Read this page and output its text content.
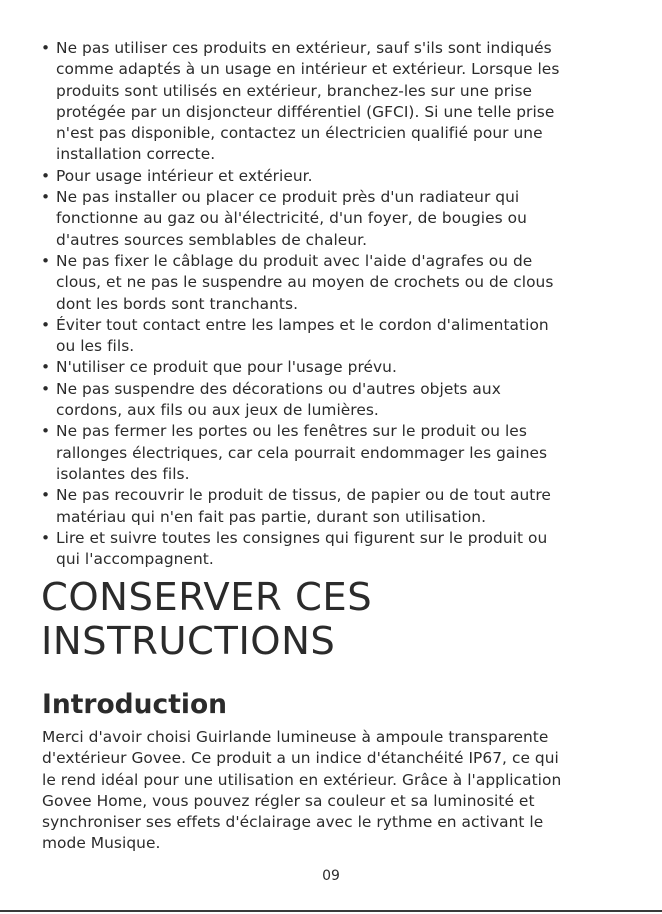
• Ne pas utiliser ces produits en extérieur, sauf s'ils sont indiqués
comme adaptés à un usage en intérieur et extérieur. Lorsque les
produits sont utilisés en extérieur, branchez-les sur une prise
protégée par un disjoncteur différentiel (GFCI). Si une telle prise
n'est pas disponible, contactez un électricien qualifié pour une
installation correcte.
• Pour usage intérieur et extérieur.
• Ne pas installer ou placer ce produit près d'un radiateur qui
fonctionne au gaz ou àl'électricité, d'un foyer, de bougies ou
d'autres sources semblables de chaleur.
• Ne pas fixer le câblage du produit avec l'aide d'agrafes ou de
clous, et ne pas le suspendre au moyen de crochets ou de clous
dont les bords sont tranchants.
• Éviter tout contact entre les lampes et le cordon d'alimentation
ou les fils.
• N'utiliser ce produit que pour l'usage prévu.
• Ne pas suspendre des décorations ou d'autres objets aux
cordons, aux fils ou aux jeux de lumières.
• Ne pas fermer les portes ou les fenêtres sur le produit ou les
rallonges électriques, car cela pourrait endommager les gaines
isolantes des fils.
• Ne pas recouvrir le produit de tissus, de papier ou de tout autre
matériau qui n'en fait pas partie, durant son utilisation.
• Lire et suivre toutes les consignes qui figurent sur le produit ou
qui l'accompagnent.
CONSERVER CES
INSTRUCTIONS
Introduction

Merci d'avoir choisi Guirlande lumineuse à ampoule transparente
d'extérieur Govee. Ce produit a un indice d'étanchéité IP67, ce qui
le rend idéal pour une utilisation en extérieur. Grâce à l'application
Govee Home, vous pouvez régler sa couleur et sa luminosité et
synchroniser ses effets d'éclairage avec le rythme en activant le
mode Musique.

09
